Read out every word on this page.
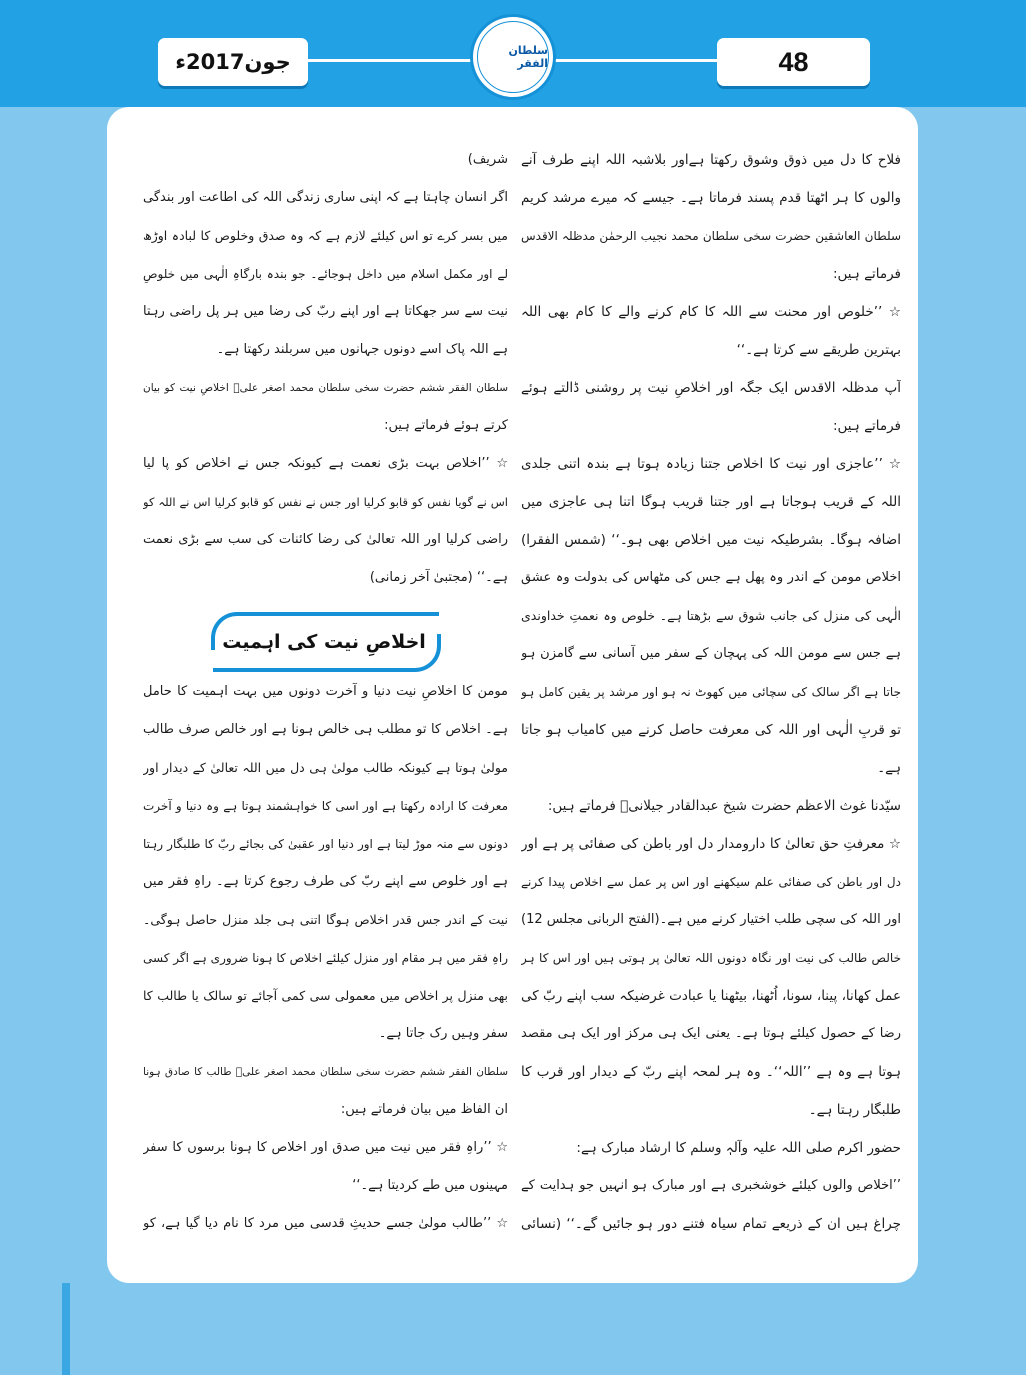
جون2017ء	سلطان الفقر	48
فلاح کا دل میں ذوق وشوق رکھتا ہےاور بلاشبہ اللہ اپنے طرف آنے
والوں کا ہر اٹھتا قدم پسند فرماتا ہے۔ جیسے کہ میرے مرشد کریم
سلطان العاشقین حضرت سخی سلطان محمد نجیب الرحمٰن مدظلہ الاقدس
فرماتے ہیں:
☆ ’’خلوص اور محنت سے اللہ کا کام کرنے والے کا کام بھی اللہ
بہترین طریقے سے کرتا ہے۔‘‘
آپ مدظلہ الاقدس ایک جگہ اور اخلاصِ نیت پر روشنی ڈالتے ہوئے
فرماتے ہیں:
☆ ’’عاجزی اور نیت کا اخلاص جتنا زیادہ ہوتا ہے بندہ اتنی جلدی
اللہ کے قریب ہوجاتا ہے اور جتنا قریب ہوگا اتنا ہی عاجزی میں
اضافہ ہوگا۔ بشرطیکہ نیت میں اخلاص بھی ہو۔‘‘ (شمس الفقرا)
اخلاص مومن کے اندر وہ پھل ہے جس کی مٹھاس کی بدولت وہ عشق
الٰہی کی منزل کی جانب شوق سے بڑھتا ہے۔ خلوص وہ نعمتِ خداوندی
ہے جس سے مومن اللہ کی پہچان کے سفر میں آسانی سے گامزن ہو
جاتا ہے اگر سالک کی سچائی میں کھوٹ نہ ہو اور مرشد پر یقین کامل ہو
تو قربِ الٰہی اور اللہ کی معرفت حاصل کرنے میں کامیاب ہو جاتا
ہے۔
سیّدنا غوث الاعظم حضرت شیخ عبدالقادر جیلانیؓ فرماتے ہیں:
☆ معرفتِ حق تعالیٰ کا دارومدار دل اور باطن کی صفائی پر ہے اور
دل اور باطن کی صفائی علم سیکھنے اور اس پر عمل سے اخلاص پیدا کرنے
اور اللہ کی سچی طلب اختیار کرنے میں ہے۔(الفتح الربانی مجلس 12)
خالص طالب کی نیت اور نگاہ دونوں اللہ تعالیٰ پر ہوتی ہیں اور اس کا ہر
عمل کھانا، پینا، سونا، اُٹھنا، بیٹھنا یا عبادت غرضیکہ سب اپنے ربّ کی
رضا کے حصول کیلئے ہوتا ہے۔ یعنی ایک ہی مرکز اور ایک ہی مقصد
ہوتا ہے وہ ہے ’’اللہ‘‘۔ وہ ہر لمحہ اپنے ربّ کے دیدار اور قرب کا
طلبگار رہتا ہے۔
حضور اکرم صلی اللہ علیہ وآلہٖ وسلم کا ارشاد مبارک ہے:
’’اخلاص والوں کیلئے خوشخبری ہے اور مبارک ہو انہیں جو ہدایت کے
چراغ ہیں ان کے ذریعے تمام سیاہ فتنے دور ہو جائیں گے۔‘‘ (نسائی
شریف)
اگر انسان چاہتا ہے کہ اپنی ساری زندگی اللہ کی اطاعت اور بندگی
میں بسر کرے تو اس کیلئے لازم ہے کہ وہ صدق وخلوص کا لبادہ اوڑھ
لے اور مکمل اسلام میں داخل ہوجائے۔ جو بندہ بارگاہِ الٰہی میں خلوصِ
نیت سے سر جھکاتا ہے اور اپنے ربّ کی رضا میں ہر پل راضی رہتا
ہے اللہ پاک اسے دونوں جہانوں میں سربلند رکھتا ہے۔
سلطان الفقر ششم حضرت سخی سلطان محمد اصغر علیؒ اخلاصِ نیت کو بیان
کرتے ہوئے فرماتے ہیں:
☆ ’’اخلاص بہت بڑی نعمت ہے کیونکہ جس نے اخلاص کو پا لیا
اس نے گویا نفس کو قابو کرلیا اور جس نے نفس کو قابو کرلیا اس نے اللہ کو
راضی کرلیا اور اللہ تعالیٰ کی رضا کائنات کی سب سے بڑی نعمت
ہے۔‘‘ (مجتبیٰ آخر زمانی)
اخلاصِ نیت کی اہمیت
مومن کا اخلاصِ نیت دنیا و آخرت دونوں میں بہت اہمیت کا حامل
ہے۔ اخلاص کا تو مطلب ہی خالص ہونا ہے اور خالص صرف طالب
مولیٰ ہوتا ہے کیونکہ طالب مولیٰ ہی دل میں اللہ تعالیٰ کے دیدار اور
معرفت کا ارادہ رکھتا ہے اور اسی کا خواہشمند ہوتا ہے وہ دنیا و آخرت
دونوں سے منہ موڑ لیتا ہے اور دنیا اور عقبیٰ کی بجائے ربّ کا طلبگار رہتا
ہے اور خلوص سے اپنے ربّ کی طرف رجوع کرتا ہے۔ راہِ فقر میں
نیت کے اندر جس قدر اخلاص ہوگا اتنی ہی جلد منزل حاصل ہوگی۔
راہِ فقر میں ہر مقام اور منزل کیلئے اخلاص کا ہونا ضروری ہے اگر کسی
بھی منزل پر اخلاص میں معمولی سی کمی آجائے تو سالک یا طالب کا
سفر وہیں رک جاتا ہے۔
سلطان الفقر ششم حضرت سخی سلطان محمد اصغر علیؒ طالب کا صادق ہونا
ان الفاظ میں بیان فرماتے ہیں:
☆ ’’راہِ فقر میں نیت میں صدق اور اخلاص کا ہونا برسوں کا سفر
مہینوں میں طے کردیتا ہے۔‘‘
☆ ’’طالب مولیٰ جسے حدیثِ قدسی میں مرد کا نام دیا گیا ہے، کو
